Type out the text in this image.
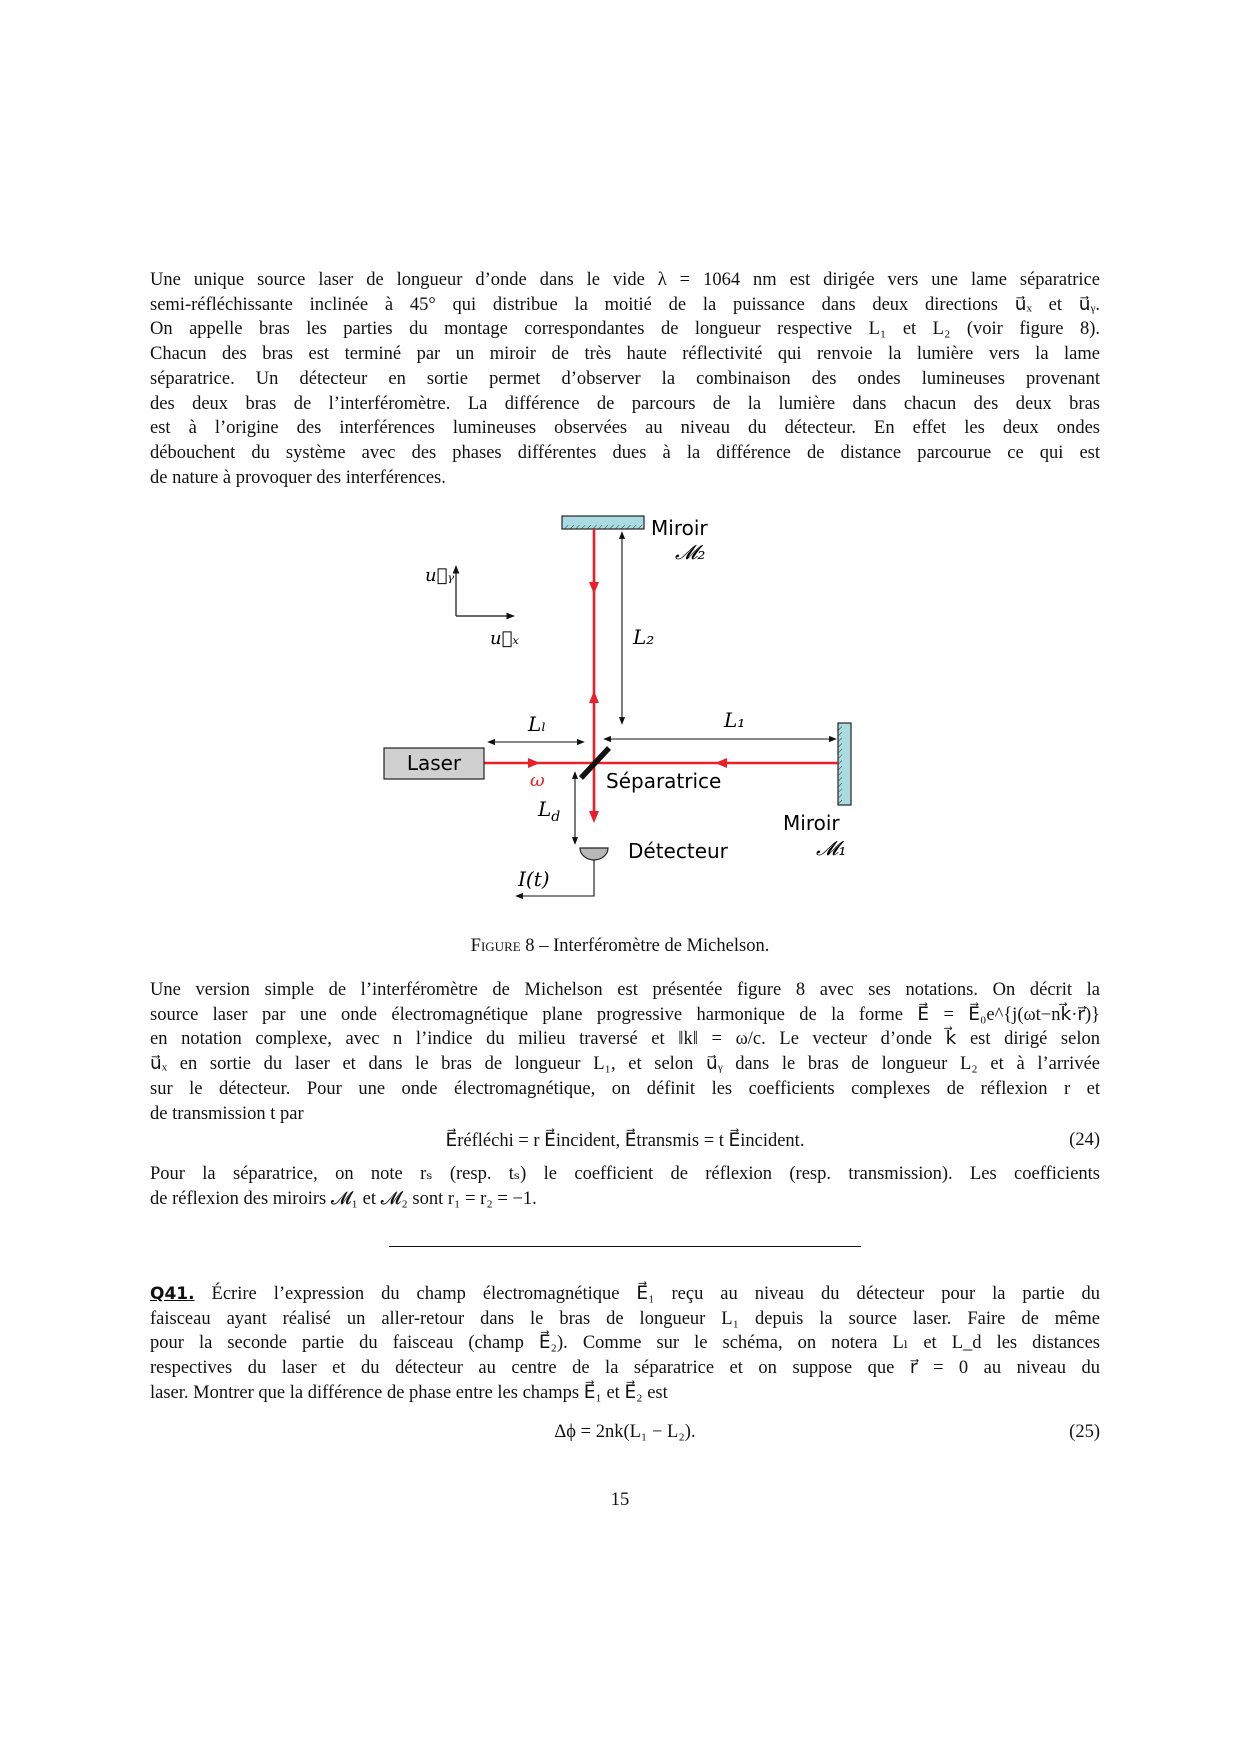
Une unique source laser de longueur d’onde dans le vide λ = 1064 nm est dirigée vers une lame séparatrice
semi-réfléchissante inclinée à 45° qui distribue la moitié de la puissance dans deux directions u⃗ₓ et u⃗ᵧ.
On appelle bras les parties du montage correspondantes de longueur respective L₁ et L₂ (voir figure 8).
Chacun des bras est terminé par un miroir de très haute réflectivité qui renvoie la lumière vers la lame
séparatrice. Un détecteur en sortie permet d’observer la combinaison des ondes lumineuses provenant
des deux bras de l’interféromètre. La différence de parcours de la lumière dans chacun des deux bras
est à l’origine des interférences lumineuses observées au niveau du détecteur. En effet les deux ondes
débouchent du système avec des phases différentes dues à la différence de distance parcourue ce qui est
de nature à provoquer des interférences.
Miroir
𝓜₂
Miroir
𝓜₁
u⃗ᵧ
u⃗ₓ
Séparatrice
Laser
ω
L₂
Lₗ	L₁
$L_d$
Détecteur
I(t)
Figure 8 – Interféromètre de Michelson.
Une version simple de l’interféromètre de Michelson est présentée figure 8 avec ses notations. On décrit la
source laser par une onde électromagnétique plane progressive harmonique de la forme E⃗ = E⃗₀e^{j(ωt−nk⃗·r⃗)}
en notation complexe, avec n l’indice du milieu traversé et ‖k‖ = ω/c. Le vecteur d’onde k⃗ est dirigé selon
u⃗ₓ en sortie du laser et dans le bras de longueur L₁, et selon u⃗ᵧ dans le bras de longueur L₂ et à l’arrivée
sur le détecteur. Pour une onde électromagnétique, on définit les coefficients complexes de réflexion r et
de transmission t par
E⃗réfléchi = r E⃗incident, E⃗transmis = t E⃗incident.	(24)
Pour la séparatrice, on note rₛ (resp. tₛ) le coefficient de réflexion (resp. transmission). Les coefficients
de réflexion des miroirs 𝓜₁ et 𝓜₂ sont r₁ = r₂ = −1.
Q41. Écrire l’expression du champ électromagnétique E⃗₁ reçu au niveau du détecteur pour la partie du
faisceau ayant réalisé un aller-retour dans le bras de longueur L₁ depuis la source laser. Faire de même
pour la seconde partie du faisceau (champ E⃗₂). Comme sur le schéma, on notera Lₗ et L_d les distances
respectives du laser et du détecteur au centre de la séparatrice et on suppose que r⃗ = 0 au niveau du
laser. Montrer que la différence de phase entre les champs E⃗₁ et E⃗₂ est
Δϕ = 2nk(L₁ − L₂).	(25)
15
